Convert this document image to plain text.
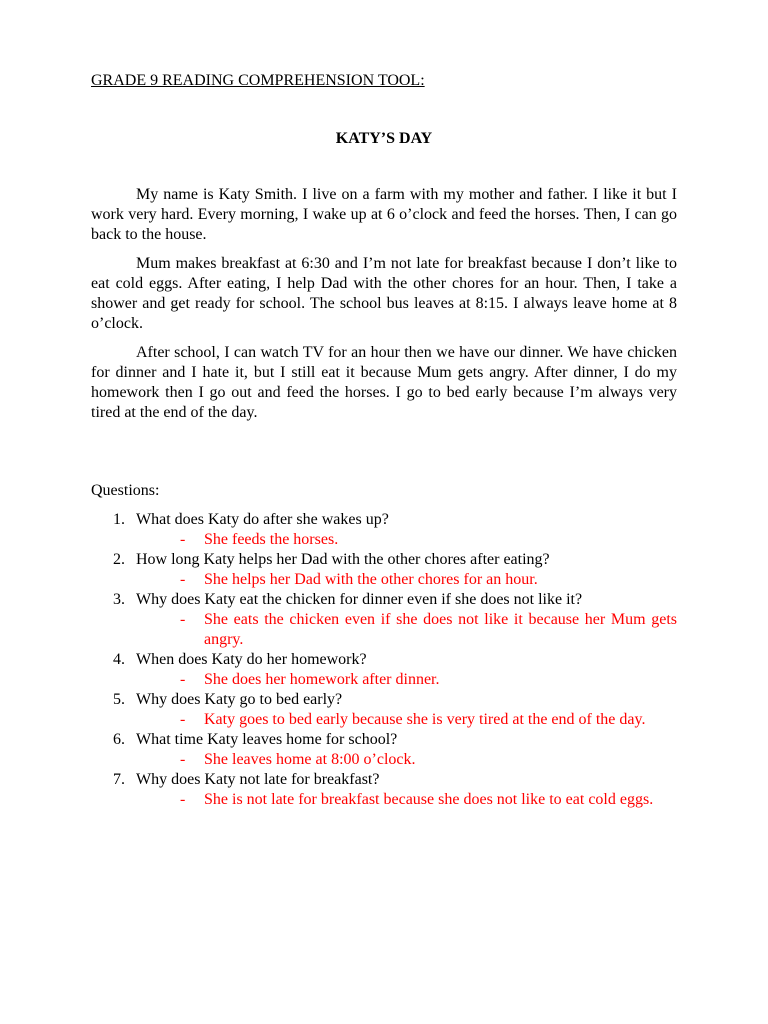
GRADE 9 READING COMPREHENSION TOOL:
KATY’S DAY

My name is Katy Smith. I live on a farm with my mother and father. I like it but I work very hard. Every morning, I wake up at 6 o’clock and feed the horses. Then, I can go back to the house.

Mum makes breakfast at 6:30 and I’m not late for breakfast because I don’t like to eat cold eggs. After eating, I help Dad with the other chores for an hour. Then, I take a shower and get ready for school. The school bus leaves at 8:15. I always leave home at 8 o’clock.

After school, I can watch TV for an hour then we have our dinner. We have chicken for dinner and I hate it, but I still eat it because Mum gets angry. After dinner, I do my homework then I go out and feed the horses. I go to bed early because I’m always very tired at the end of the day.

Questions:
1. What does Katy do after she wakes up?
- She feeds the horses.
2. How long Katy helps her Dad with the other chores after eating?
- She helps her Dad with the other chores for an hour.
3. Why does Katy eat the chicken for dinner even if she does not like it?
- She eats the chicken even if she does not like it because her Mum gets angry.
4. When does Katy do her homework?
- She does her homework after dinner.
5. Why does Katy go to bed early?
- Katy goes to bed early because she is very tired at the end of the day.
6. What time Katy leaves home for school?
- She leaves home at 8:00 o’clock.
7. Why does Katy not late for breakfast?
- She is not late for breakfast because she does not like to eat cold eggs.
